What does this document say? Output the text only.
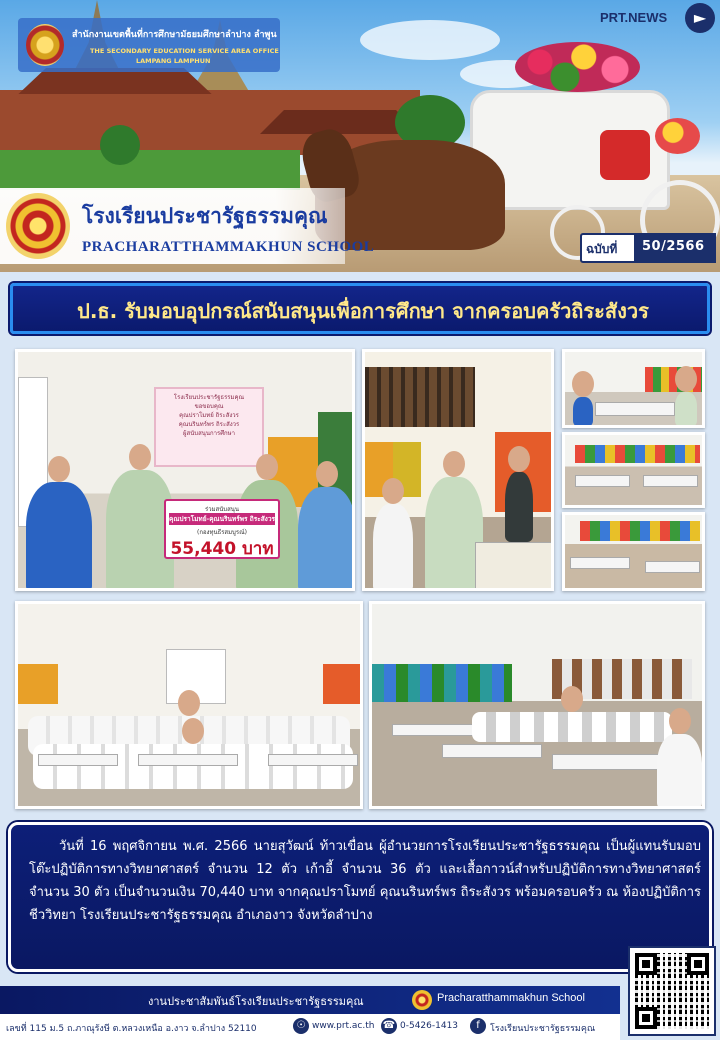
สำนักงานเขตพื้นที่การศึกษามัธยมศึกษาลำปาง ลำพูน
THE SECONDARY EDUCATION SERVICE AREA OFFICE
LAMPANG LAMPHUN
PRT.NEWS	►
โรงเรียนประชารัฐธรรมคุณ
PRACHARATTHAMMAKHUN SCHOOL	ฉบับที่ 50/2566
ป.ธ. รับมอบอุปกรณ์สนับสนุนเพื่อการศึกษา จากครอบครัวถิระสังวร
โรงเรียนประชารัฐธรรมคุณ
ขอขอบคุณ
คุณปราโมทย์ ถิระสังวร
คุณนรินทร์พร ถิระสังวร
ผู้สนับสนุนการศึกษา
ร่วมสนับสนุน
คุณปราโมทย์-คุณนรินทร์พร ถิระสังวร
(กองทุนธีรสมบูรณ์)
55,440 บาท
วันที่ 16 พฤศจิกายน พ.ศ. 2566 นายสุวัฒน์ ท้าวเขื่อน ผู้อำนวยการโรงเรียนประชารัฐธรรมคุณ เป็นผู้แทนรับมอบโต๊ะปฏิบัติการทางวิทยาศาสตร์ จำนวน 12 ตัว เก้าอี้ จำนวน 36 ตัว และเสื้อกาวน์สำหรับปฏิบัติการทางวิทยาศาสตร์ จำนวน 30 ตัว เป็นจำนวนเงิน 70,440 บาท จากคุณปราโมทย์ คุณนรินทร์พร ถิระสังวร พร้อมครอบครัว ณ ห้องปฏิบัติการชีววิทยา โรงเรียนประชารัฐธรรมคุณ อำเภองาว จังหวัดลำปาง
งานประชาสัมพันธ์โรงเรียนประชารัฐธรรมคุณ	Pracharatthammakhun School
เลขที่ 115 ม.5 ถ.ภาณุรังษี ต.หลวงเหนือ อ.งาว จ.ลำปาง 52110	☉ www.prt.ac.th ☎ 0-5426-1413	f	โรงเรียนประชารัฐธรรมคุณ
